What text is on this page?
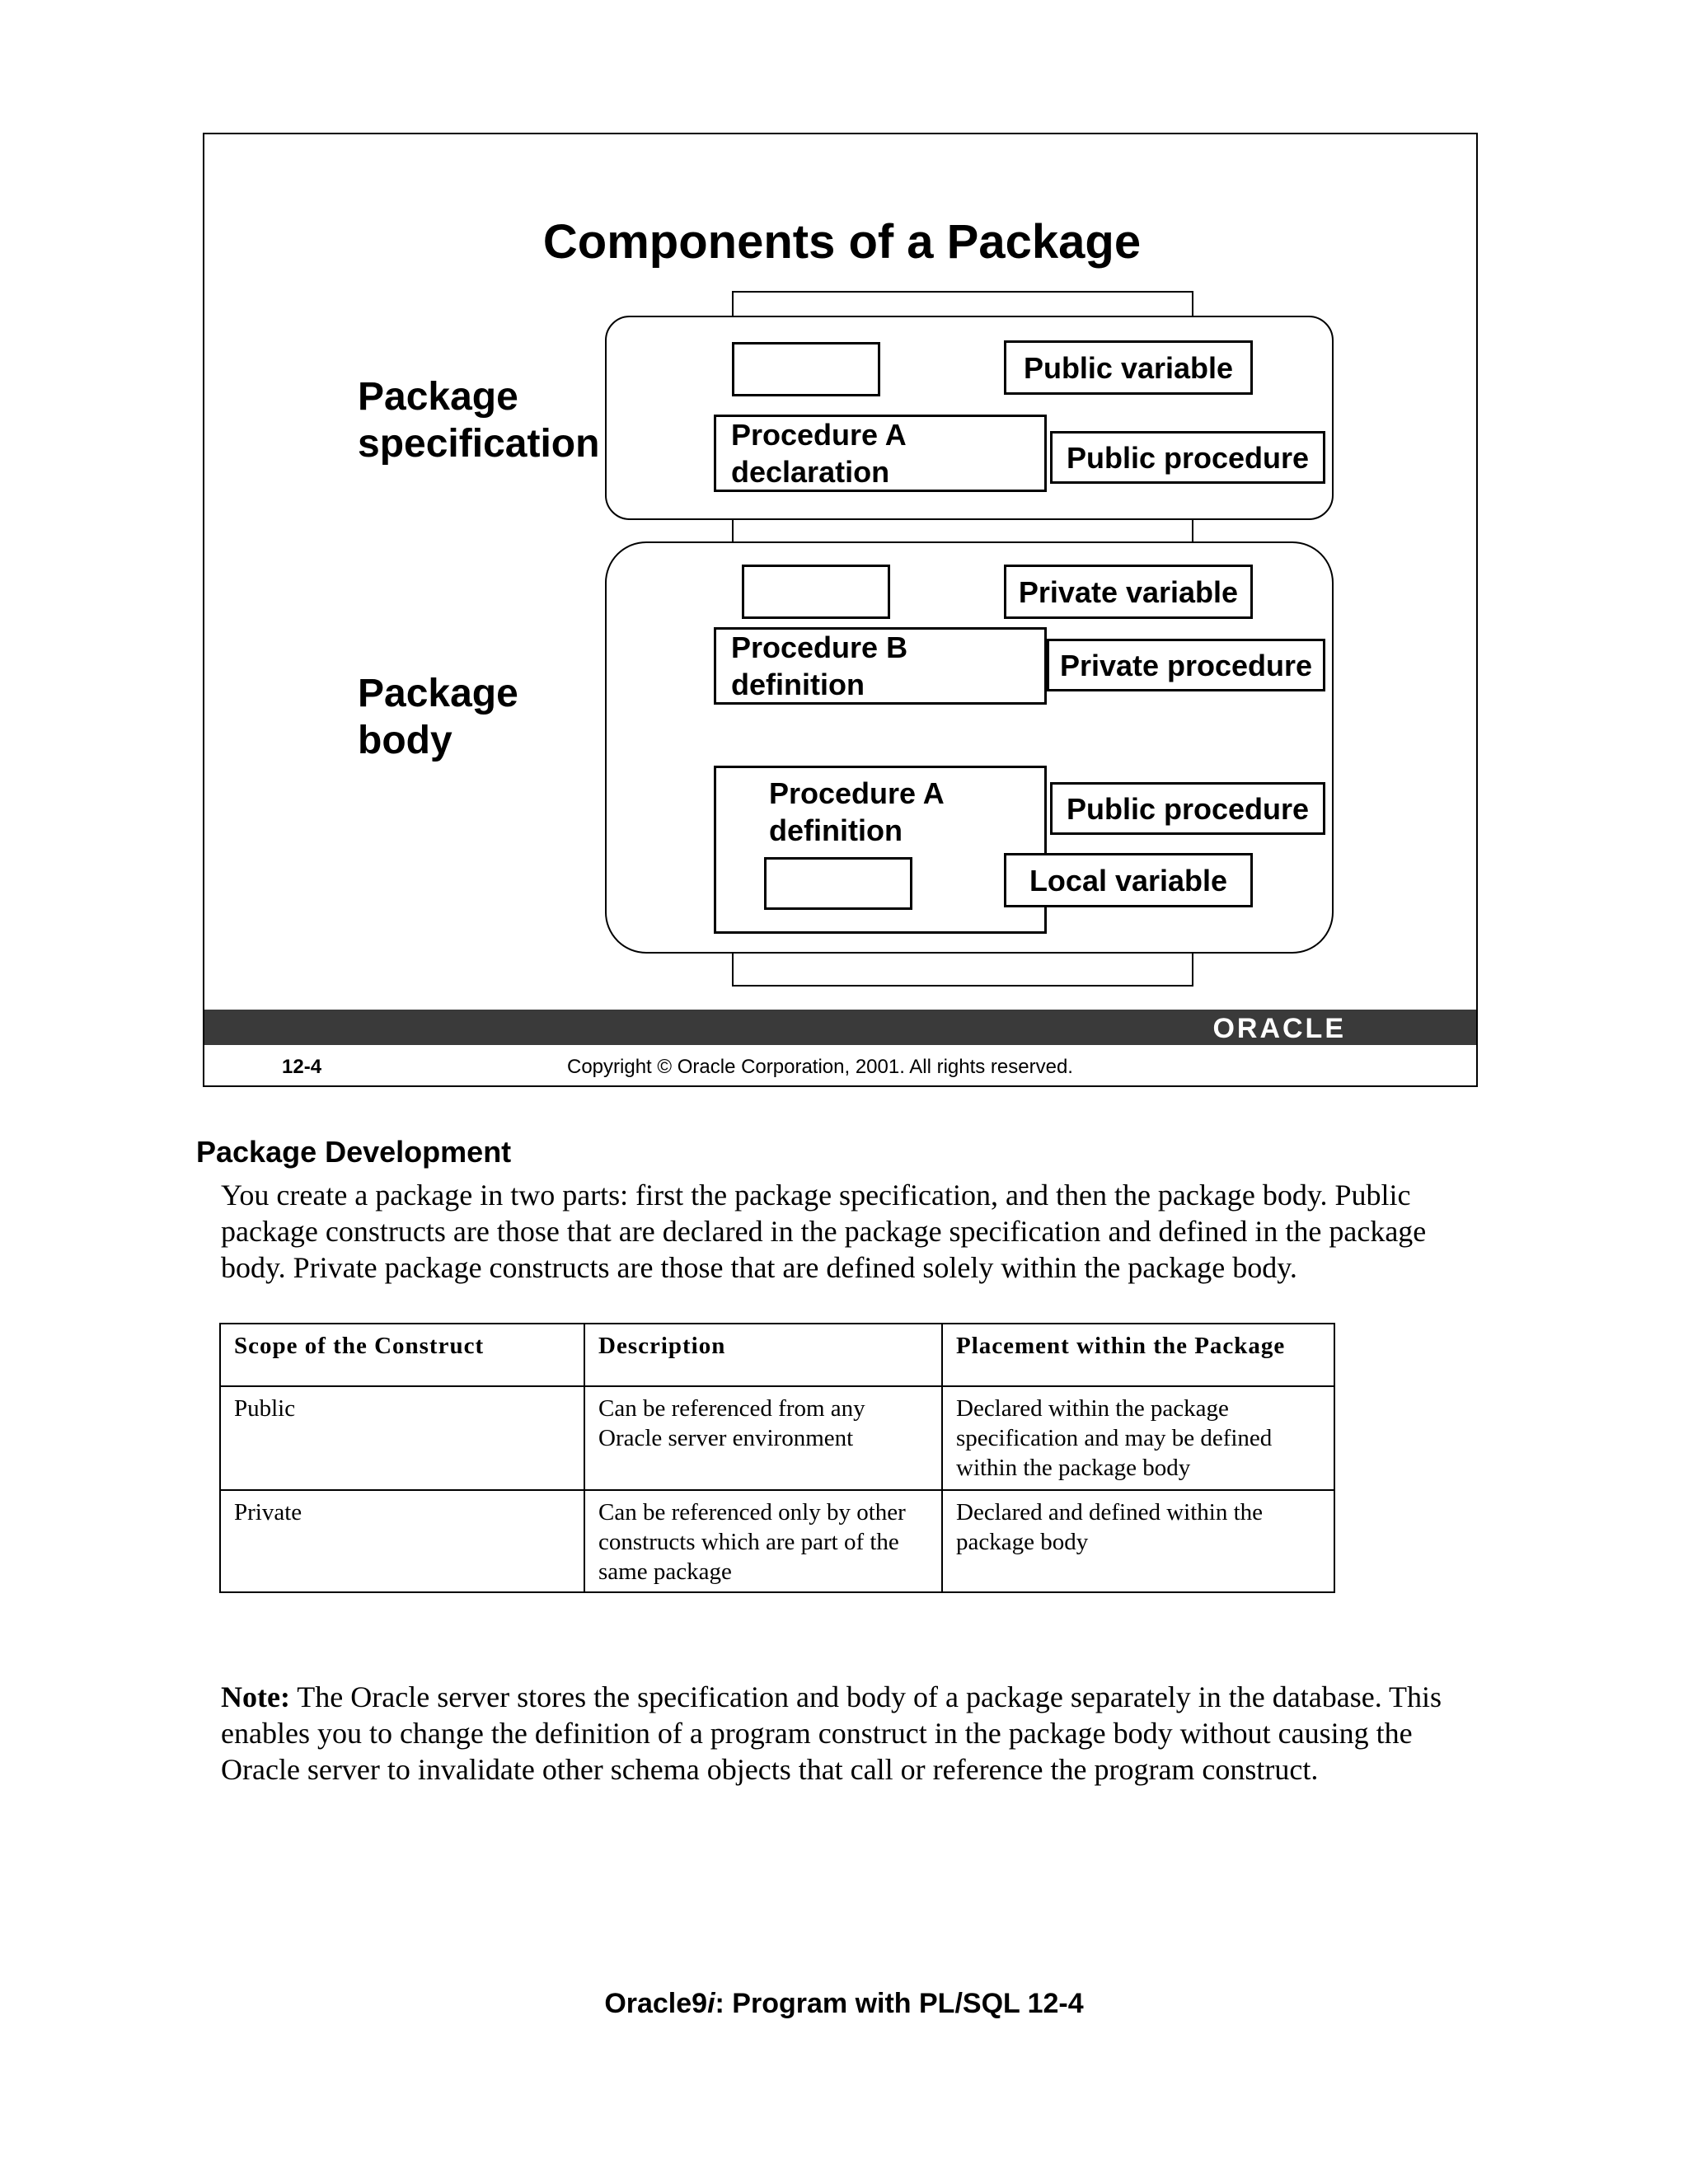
Components of a Package
Package
specification
Package
body
Public variable
Procedure A
declaration	Public procedure
Private variable
Procedure B
definition
Private procedure
Procedure A
definition
Public procedure
Local variable
ORACLE
12-4	Copyright © Oracle Corporation, 2001. All rights reserved.
Package Development

You create a package in two parts: first the package specification, and then the package body. Public package constructs are those that are declared in the package specification and defined in the package body. Private package constructs are those that are defined solely within the package body.

Scope of the Construct	Description	Placement within the Package
Public	Can be referenced from any Oracle server environment	Declared within the package specification and may be defined within the package body
Private	Can be referenced only by other constructs which are part of the same package	Declared and defined within the package body

Note: The Oracle server stores the specification and body of a package separately in the database. This enables you to change the definition of a program construct in the package body without causing the Oracle server to invalidate other schema objects that call or reference the program construct.

Oracle9i: Program with PL/SQL 12-4
